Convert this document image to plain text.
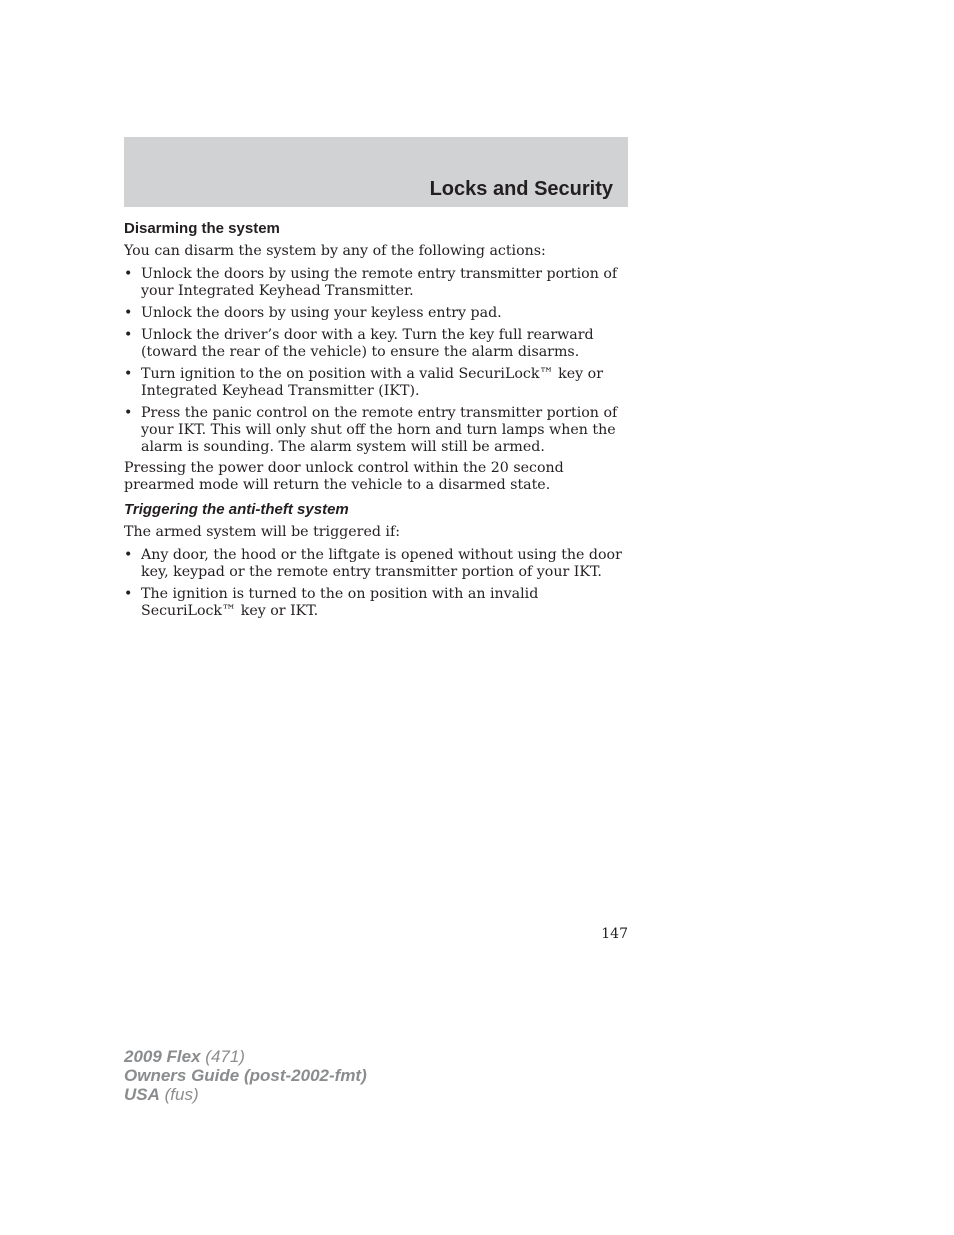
Locks and Security
Disarming the system

You can disarm the system by any of the following actions:

• Unlock the doors by using the remote entry transmitter portion of your Integrated Keyhead Transmitter.
• Unlock the doors by using your keyless entry pad.
• Unlock the driver’s door with a key. Turn the key full rearward (toward the rear of the vehicle) to ensure the alarm disarms.
• Turn ignition to the on position with a valid SecuriLock™ key or Integrated Keyhead Transmitter (IKT).
• Press the panic control on the remote entry transmitter portion of your IKT. This will only shut off the horn and turn lamps when the alarm is sounding. The alarm system will still be armed.

Pressing the power door unlock control within the 20 second prearmed mode will return the vehicle to a disarmed state.

Triggering the anti-theft system

The armed system will be triggered if:

• Any door, the hood or the liftgate is opened without using the door key, keypad or the remote entry transmitter portion of your IKT.
• The ignition is turned to the on position with an invalid SecuriLock™ key or IKT.
147
2009 Flex (471)
Owners Guide (post-2002-fmt)
USA (fus)
